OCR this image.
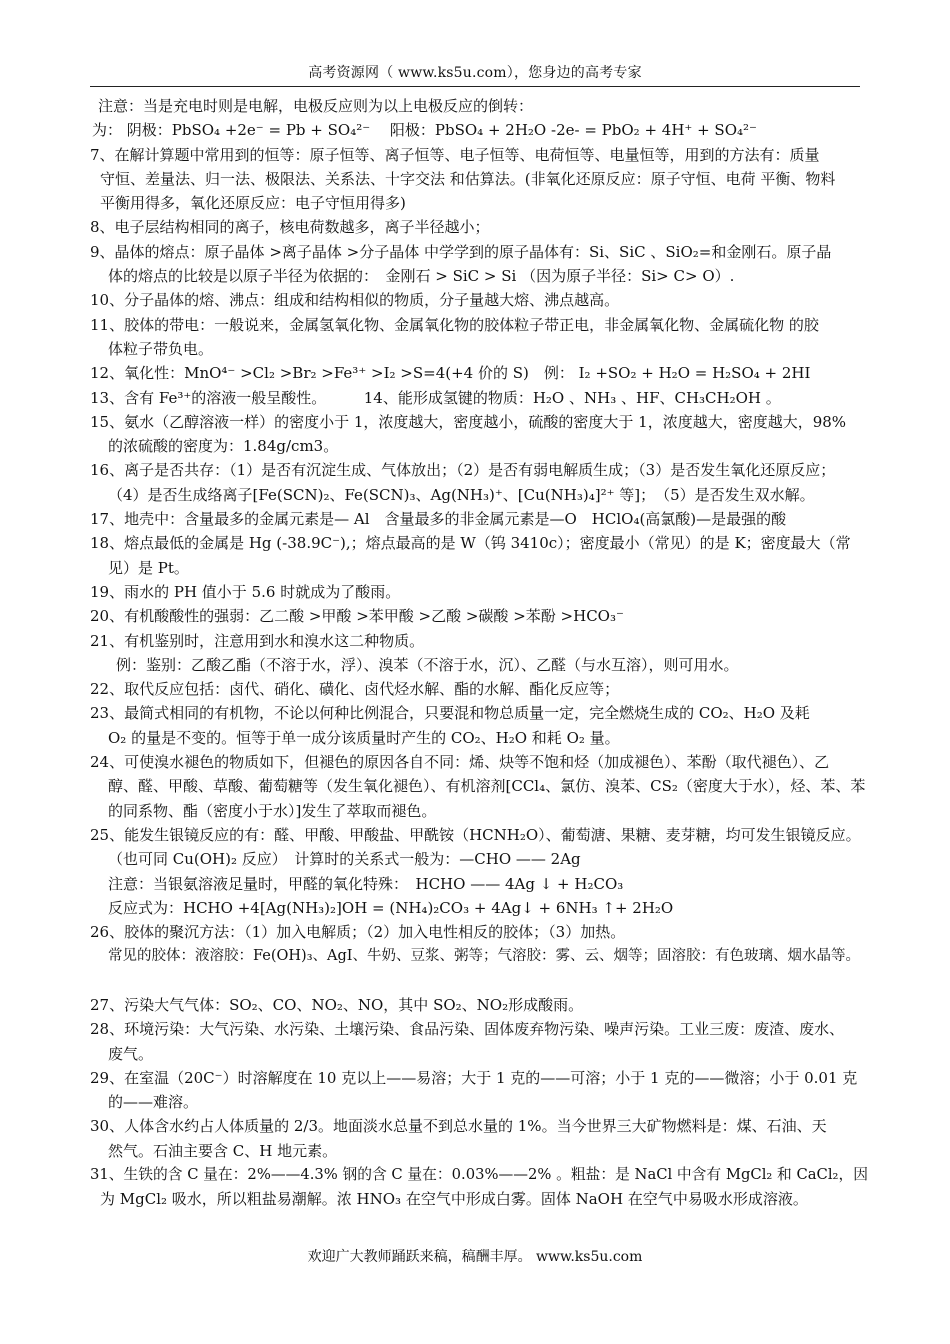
高考资源网（ www.ks5u.com），您身边的高考专家
注意：当是充电时则是电解，电极反应则为以上电极反应的倒转：
为： 阴极：PbSO₄ +2e⁻ = Pb + SO₄²⁻　 阳极：PbSO₄ + 2H₂O -2e- = PbO₂ + 4H⁺ + SO₄²⁻
7、在解计算题中常用到的恒等：原子恒等、离子恒等、电子恒等、电荷恒等、电量恒等，用到的方法有：质量
守恒、差量法、归一法、极限法、关系法、十字交法 和估算法。(非氧化还原反应：原子守恒、电荷 平衡、物料
平衡用得多，氧化还原反应：电子守恒用得多)
8、电子层结构相同的离子，核电荷数越多，离子半径越小；
9、晶体的熔点：原子晶体 >离子晶体 >分子晶体 中学学到的原子晶体有：Si、SiC 、SiO₂=和金刚石。原子晶
体的熔点的比较是以原子半径为依据的：　金刚石 > SiC > Si （因为原子半径：Si> C> O）.
10、分子晶体的熔、沸点：组成和结构相似的物质，分子量越大熔、沸点越高。
11、胶体的带电：一般说来，金属氢氧化物、金属氧化物的胶体粒子带正电，非金属氧化物、金属硫化物 的胶
体粒子带负电。
12、氧化性：MnO⁴⁻ >Cl₂ >Br₂ >Fe³⁺ >I₂ >S=4(+4 价的 S)　例： I₂ +SO₂ + H₂O = H₂SO₄ + 2HI
13、含有 Fe³⁺的溶液一般呈酸性。　　　14、能形成氢键的物质：H₂O 、NH₃ 、HF、CH₃CH₂OH 。
15、氨水（乙醇溶液一样）的密度小于 1，浓度越大，密度越小，硫酸的密度大于 1，浓度越大，密度越大，98%
的浓硫酸的密度为：1.84g/cm3。
16、离子是否共存：（1）是否有沉淀生成、气体放出；（2）是否有弱电解质生成；（3）是否发生氧化还原反应；
（4）是否生成络离子[Fe(SCN)₂、Fe(SCN)₃、Ag(NH₃)⁺、[Cu(NH₃)₄]²⁺ 等]；　（5）是否发生双水解。
17、地壳中：含量最多的金属元素是— Al　含量最多的非金属元素是—O　HClO₄(高氯酸)—是最强的酸
18、熔点最低的金属是 Hg (-38.9C⁻),；熔点最高的是 W（钨 3410c）；密度最小（常见）的是 K；密度最大（常
见）是 Pt。
19、雨水的 PH 值小于 5.6 时就成为了酸雨。
20、有机酸酸性的强弱：乙二酸 >甲酸 >苯甲酸 >乙酸 >碳酸 >苯酚 >HCO₃⁻
21、有机鉴别时，注意用到水和溴水这二种物质。
例：鉴别：乙酸乙酯（不溶于水，浮）、溴苯（不溶于水，沉）、乙醛（与水互溶），则可用水。
22、取代反应包括：卤代、硝化、磺化、卤代烃水解、酯的水解、酯化反应等；
23、最简式相同的有机物，不论以何种比例混合，只要混和物总质量一定，完全燃烧生成的 CO₂、H₂O 及耗
O₂ 的量是不变的。恒等于单一成分该质量时产生的 CO₂、H₂O 和耗 O₂ 量。
24、可使溴水褪色的物质如下，但褪色的原因各自不同：烯、炔等不饱和烃（加成褪色）、苯酚（取代褪色）、乙
醇、醛、甲酸、草酸、葡萄糖等（发生氧化褪色）、有机溶剂[CCl₄、氯仿、溴苯、CS₂（密度大于水），烃、苯、苯
的同系物、酯（密度小于水）]发生了萃取而褪色。
25、能发生银镜反应的有：醛、甲酸、甲酸盐、甲酰铵（HCNH₂O）、葡萄溏、果糖、麦芽糖，均可发生银镜反应。
（也可同 Cu(OH)₂ 反应）　计算时的关系式一般为：—CHO —— 2Ag
注意：当银氨溶液足量时，甲醛的氧化特殊：　HCHO —— 4Ag ↓ + H₂CO₃
反应式为：HCHO +4[Ag(NH₃)₂]OH = (NH₄)₂CO₃ + 4Ag↓ + 6NH₃ ↑+ 2H₂O
26、胶体的聚沉方法：（1）加入电解质；（2）加入电性相反的胶体；（3）加热。
常见的胶体：液溶胶：Fe(OH)₃、AgI、牛奶、豆浆、粥等；气溶胶：雾、云、烟等；固溶胶：有色玻璃、烟水晶等。
27、污染大气气体：SO₂、CO、NO₂、NO，其中 SO₂、NO₂形成酸雨。
28、环境污染：大气污染、水污染、土壤污染、食品污染、固体废弃物污染、噪声污染。工业三废：废渣、废水、
废气。
29、在室温（20C⁻）时溶解度在 10 克以上——易溶；大于 1 克的——可溶；小于 1 克的——微溶；小于 0.01 克
的——难溶。
30、人体含水约占人体质量的 2/3。地面淡水总量不到总水量的 1%。当今世界三大矿物燃料是：煤、石油、天
然气。石油主要含 C、H 地元素。
31、生铁的含 C 量在：2%——4.3% 钢的含 C 量在：0.03%——2% 。粗盐：是 NaCl 中含有 MgCl₂ 和 CaCl₂，因
为 MgCl₂ 吸水，所以粗盐易潮解。浓 HNO₃ 在空气中形成白雾。固体 NaOH 在空气中易吸水形成溶液。
欢迎广大教师踊跃来稿，稿酬丰厚。 www.ks5u.com
